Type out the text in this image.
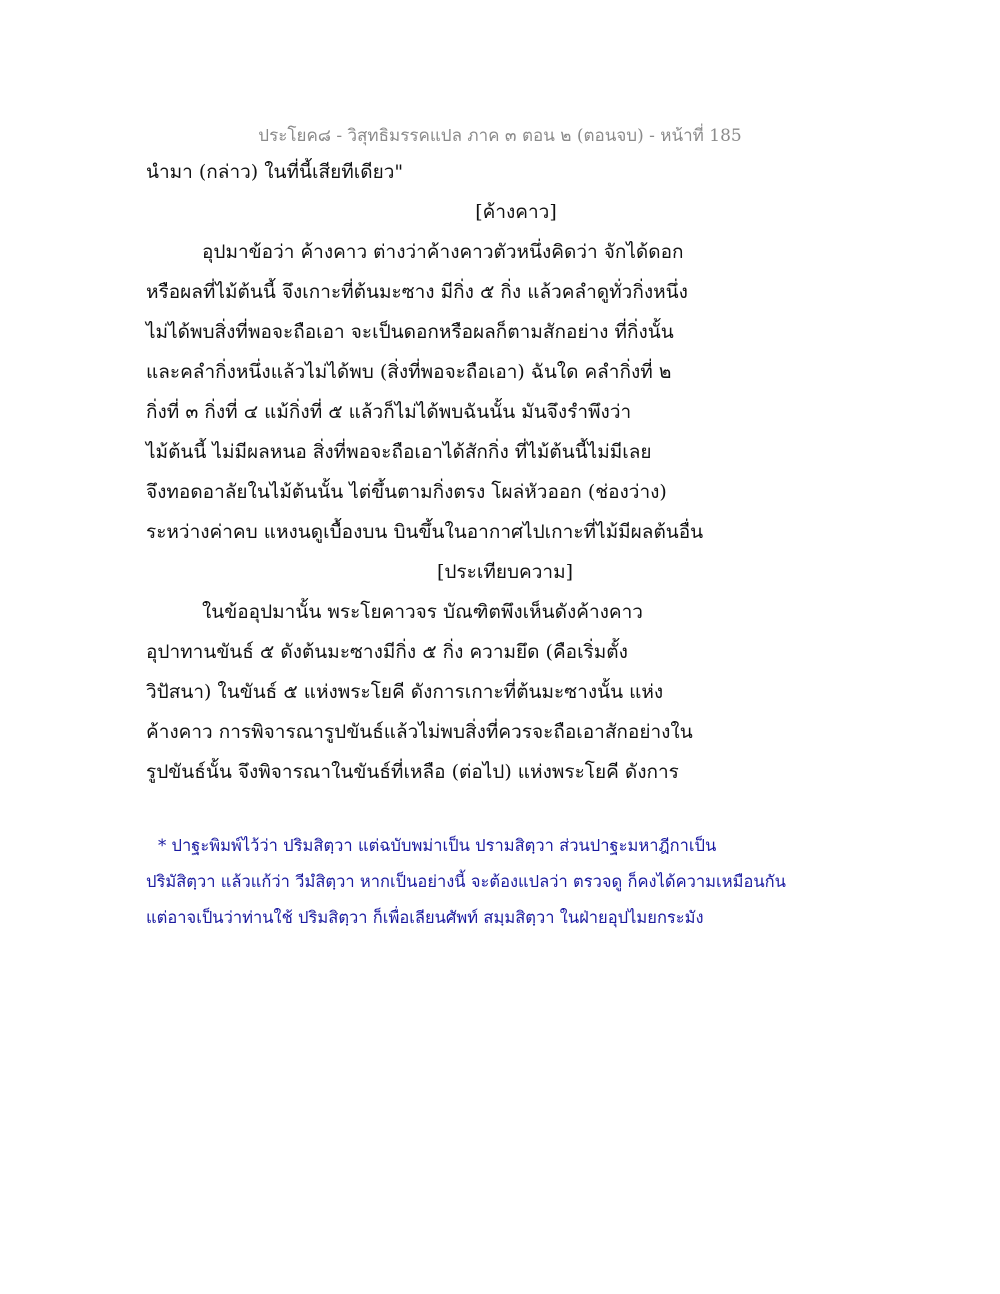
ประโยค๘ - วิสุทธิมรรคแปล ภาค ๓ ตอน ๒ (ตอนจบ) - หน้าที่ 185
นำมา (กล่าว) ในที่นี้เสียทีเดียว"
[ค้างคาว]
อุปมาข้อว่า ค้างคาว ต่างว่าค้างคาวตัวหนึ่งคิดว่า จักได้ดอก
หรือผลที่ไม้ต้นนี้ จึงเกาะที่ต้นมะซาง มีกิ่ง ๕ กิ่ง แล้วคลำดูทั่วกิ่งหนึ่ง
ไม่ได้พบสิ่งที่พอจะถือเอา จะเป็นดอกหรือผลก็ตามสักอย่าง ที่กิ่งนั้น
และคลำกิ่งหนึ่งแล้วไม่ได้พบ (สิ่งที่พอจะถือเอา) ฉันใด คลำกิ่งที่ ๒
กิ่งที่ ๓ กิ่งที่ ๔ แม้กิ่งที่ ๕ แล้วก็ไม่ได้พบฉันนั้น มันจึงรำพึงว่า
ไม้ต้นนี้ ไม่มีผลหนอ สิ่งที่พอจะถือเอาได้สักกิ่ง ที่ไม้ต้นนี้ไม่มีเลย
จึงทอดอาลัยในไม้ต้นนั้น ไต่ขึ้นตามกิ่งตรง โผล่หัวออก (ช่องว่าง)
ระหว่างค่าคบ แหงนดูเบื้องบน บินขึ้นในอากาศไปเกาะที่ไม้มีผลต้นอื่น
[ประเทียบความ]
ในข้ออุปมานั้น พระโยคาวจร บัณฑิตพึงเห็นดังค้างคาว
อุปาทานขันธ์ ๕ ดังต้นมะซางมีกิ่ง ๕ กิ่ง ความยึด (คือเริ่มตั้ง
วิปัสนา) ในขันธ์ ๕ แห่งพระโยคี ดังการเกาะที่ต้นมะซางนั้น แห่ง
ค้างคาว การพิจารณารูปขันธ์แล้วไม่พบสิ่งที่ควรจะถือเอาสักอย่างใน
รูปขันธ์นั้น จึงพิจารณาในขันธ์ที่เหลือ (ต่อไป) แห่งพระโยคี ดังการ
* ปาฐะพิมพ์ไว้ว่า ปริมสิตฺวา แต่ฉบับพม่าเป็น ปรามสิตฺวา ส่วนปาฐะมหาฎีกาเป็น
ปริมัสิตฺวา แล้วแก้ว่า วีมํสิตฺวา หากเป็นอย่างนี้ จะต้องแปลว่า ตรวจดู ก็คงได้ความเหมือนกัน
แต่อาจเป็นว่าท่านใช้ ปริมสิตฺวา ก็เพื่อเลียนศัพท์ สมฺมสิตฺวา ในฝ่ายอุปไมยกระมัง
